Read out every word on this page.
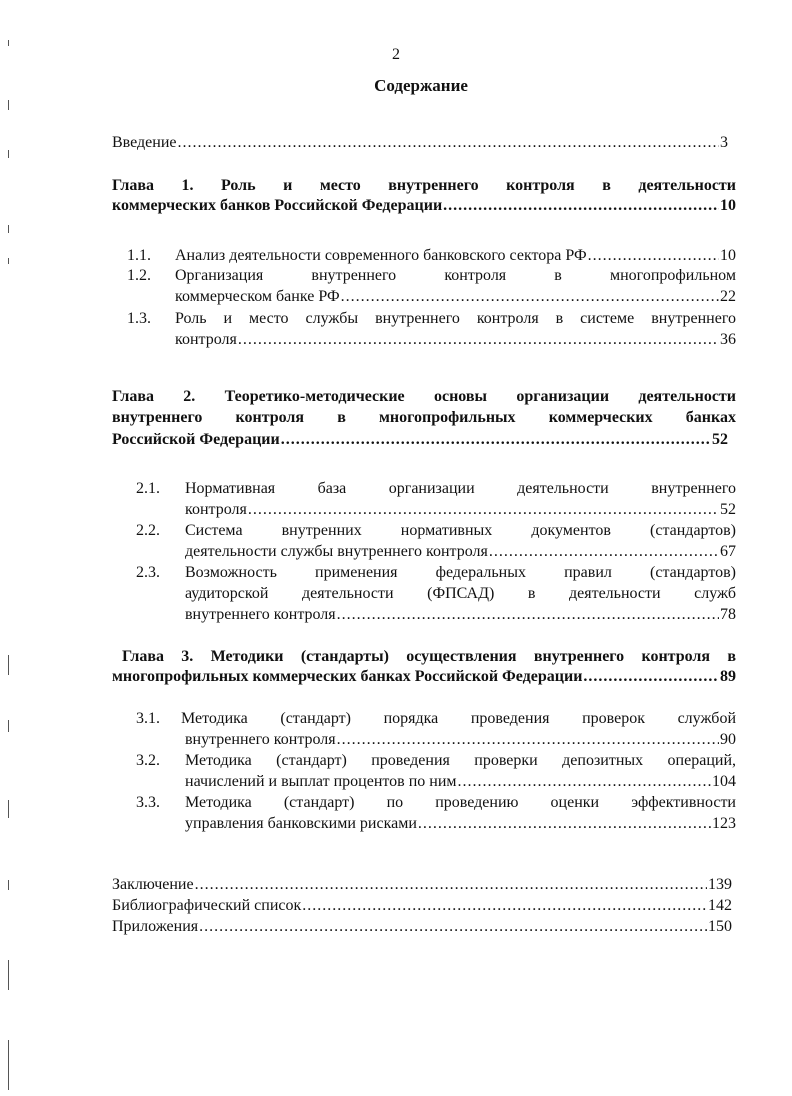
2
Содержание
Введение .....	3
Глава 1. Роль и место внутреннего контроля в деятельности
коммерческих банков Российской Федерации .....	10
1.1. Анализ деятельности современного банковского сектора РФ .....	10
1.2. Организация внутреннего контроля в многопрофильном
коммерческом банке РФ .....	22
1.3. Роль и место службы внутреннего контроля в системе внутреннего
контроля .....	36
Глава 2. Теоретико-методические основы организации деятельности
внутреннего контроля в многопрофильных коммерческих банках
Российской Федерации .....	52
2.1. Нормативная база организации деятельности внутреннего
контроля .....	52
2.2. Система внутренних нормативных документов (стандартов)
деятельности службы внутреннего контроля .....	67
2.3. Возможность применения федеральных правил (стандартов)
аудиторской деятельности (ФПСАД) в деятельности служб
внутреннего контроля .....	78
Глава 3. Методики (стандарты) осуществления внутреннего контроля в
многопрофильных коммерческих банках Российской Федерации .....	89
3.1. Методика (стандарт) порядка проведения проверок службой
внутреннего контроля .....	90
3.2. Методика (стандарт) проведения проверки депозитных операций,
начислений и выплат процентов по ним .....	104
3.3. Методика (стандарт) по проведению оценки эффективности
управления банковскими рисками .....	123
Заключение .....	139
Библиографический список .....	142
Приложения .....	150
